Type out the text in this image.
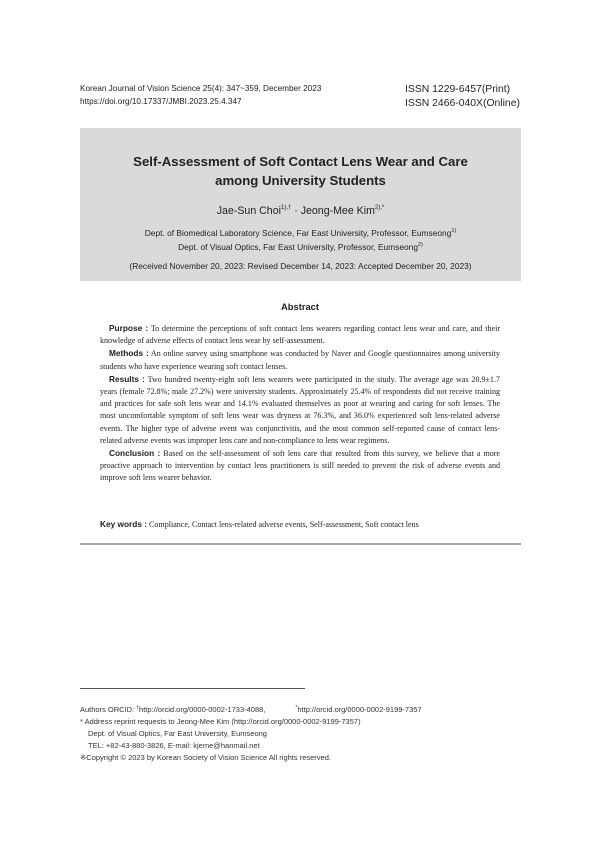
Korean Journal of Vision Science 25(4): 347~359, December 2023
https://doi.org/10.17337/JMBI.2023.25.4.347
ISSN 1229-6457(Print)
ISSN 2466-040X(Online)
Self-Assessment of Soft Contact Lens Wear and Care
among University Students
Jae-Sun Choi$^{1),\dagger}$ · Jeong-Mee Kim$^{2),*}$
Dept. of Biomedical Laboratory Science, Far East University, Professor, Eumseong$^{1)}$
Dept. of Visual Optics, Far East University, Professor, Eumseong$^{2)}$
(Received November 20, 2023: Revised December 14, 2023: Accepted December 20, 2023)
Abstract

Purpose : To determine the perceptions of soft contact lens wearers regarding contact lens wear and care, and their knowledge of adverse effects of contact lens wear by self-assessment.

Methods : An online survey using smartphone was conducted by Naver and Google questionnaires among university students who have experience wearing soft contact lenses.

Results : Two hundred twenty-eight soft lens wearers were participated in the study. The average age was 20.9±1.7 years (female 72.8%; male 27.2%) were university students. Approximately 25.4% of respondents did not receive training and practices for safe soft lens wear and 14.1% evaluated themselves as poor at wearing and caring for soft lenses. The most uncomfortable symptom of soft lens wear was dryness at 76.3%, and 36.0% experienced soft lens-related adverse events. The higher type of adverse event was conjunctivitis, and the most common self-reported cause of contact lens-related adverse events was improper lens care and non-compliance to lens wear regimens.

Conclusion : Based on the self-assessment of soft lens care that resulted from this survey, we believe that a more proactive approach to intervention by contact lens practitioners is still needed to prevent the risk of adverse events and improve soft lens wearer behavior.

Key words : Compliance, Contact lens-related adverse events, Self-assessment, Soft contact lens
Authors ORCID: †http://orcid.org/0000-0002-1733-4088,	*http://orcid.org/0000-0002-9199-7357
* Address reprint requests to Jeong-Mee Kim (http://orcid.org/0000-0002-9199-7357)
Dept. of Visual Optics, Far East University, Eumseong
TEL: +82-43-880-3826, E-mail: kjeme@hanmail.net
※Copyright © 2023 by Korean Society of Vision Science All rights reserved.
